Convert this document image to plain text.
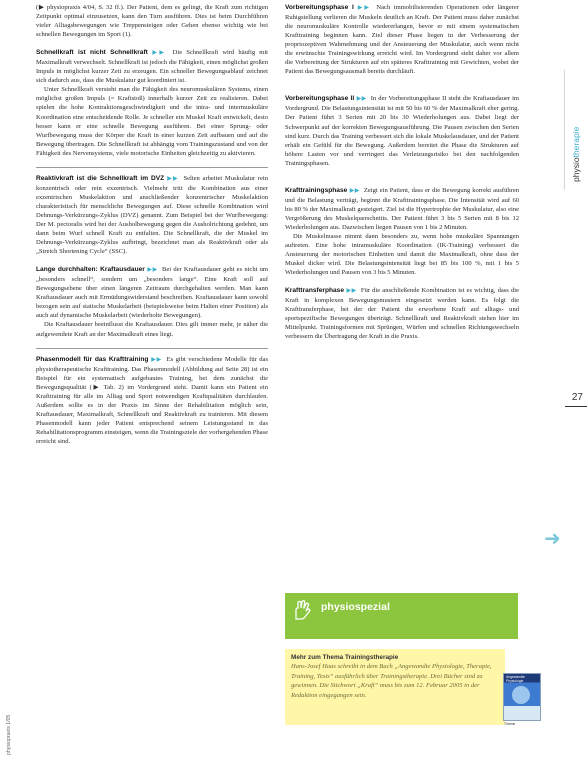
(▶ physiopraxis 4/04, S. 32 ff.). Der Patient, dem es gelingt, die Kraft zum richtigen Zeitpunkt optimal einzusetzen, kann den Turn ausführen. Dies ist beim Durchführen vieler Alltagsbewegungen wie Treppensteigen oder Gehen ebenso wichtig wie bei schnellen Bewegungen im Sport (1).
Schnellkraft ist nicht Schnellkraft ▶▶ Die Schnellkraft wird häufig mit Maximalkraft verwechselt. Schnellkraft ist jedoch die Fähigkeit, einen möglichst großen Impuls in möglichst kurzer Zeit zu erzeugen. Ein schneller Bewegungsablauf zeichnet sich dadurch aus, dass die Muskulatur gut koordiniert ist.
Unter Schnellkraft versteht man die Fähigkeit des neuromuskulären Systems, einen möglichst großen Impuls (= Kraftstoß) innerhalb kurzer Zeit zu realisieren. Dabei spielen die hohe Kontraktionsgeschwindigkeit und die intra- und intermuskuläre Koordination eine entscheidende Rolle. Je schneller ein Muskel Kraft entwickelt, desto besser kann er eine schnelle Bewegung ausführen. Bei einer Sprung- oder Wurfbewegung muss der Körper die Kraft in einer kurzen Zeit aufbauen und auf die Bewegung übertragen. Die Schnellkraft ist abhängig vom Trainingszustand und von der Fähigkeit des Nervensystems, viele motorische Einheiten gleichzeitig zu aktivieren.
Reaktivkraft ist die Schnellkraft im DVZ ▶▶ Selten arbeitet Muskulatur rein konzentrisch oder rein exzentrisch. Vielmehr tritt die Kombination aus einer exzentrischen Muskelaktion und anschließender konzentrischer Muskelaktion charakteristisch für menschliche Bewegungen auf. Diese schnelle Kombination wird Dehnungs-Verkürzungs-Zyklus (DVZ) genannt. Zum Beispiel bei der Wurfbewegung: Der M. pectoralis wird bei der Ausholbewegung gegen die Ausholrichtung gedehnt, um dann beim Wurf schnell Kraft zu entfalten. Die Schnellkraft, die der Muskel im Dehnungs-Verkürzungs-Zyklus aufbringt, bezeichnet man als Reaktivkraft oder als „Stretch Shortening Cycle“ (SSC).
Lange durchhalten: Kraftausdauer ▶▶ Bei der Kraftausdauer geht es nicht um „besonders schnell“, sondern um „besonders lange“. Eine Kraft soll auf Bewegungsebene über einen längeren Zeitraum durchgehalten werden. Man kann Kraftausdauer auch mit Ermüdungswiderstand beschreiben. Kraftausdauer kann sowohl bezogen sein auf statische Muskelarbeit (beispielsweise beim Halten einer Position) als auch auf dynamische Muskelarbeit (wiederholte Bewegungen).
Die Kraftausdauer beeinflusst die Kraftausdauer. Dies gilt immer mehr, je näher die aufgewendete Kraft an der Maximalkraft eines liegt.
Phasenmodell für das Krafttraining ▶▶ Es gibt verschiedene Modelle für das physiotherapeutische Krafttraining. Das Phasenmodell (Abbildung auf Seite 28) ist ein Beispiel für ein systematisch aufgebautes Training, bei dem zunächst die Bewegungsqualität (▶ Tab. 2) im Vordergrund steht. Damit kann ein Patient ein Krafttraining für alle im Alltag und Sport notwendigen Kraftqualitäten durchlaufen. Außerdem sollte es in der Praxis im Sinne der Rehabilitation möglich sein, Kraftausdauer, Maximalkraft, Schnellkraft und Reaktivkraft zu trainieren. Mit diesem Phasenmodell kann jeder Patient entsprechend seinem Leistungsstand in das Rehabilitationsprogramm einsteigen, wenn die Trainingsziele der vorhergehenden Phase erreicht sind.
Vorbereitungsphase I ▶▶ Nach immobilisierenden Operationen oder längerer Ruhigstellung verlieren die Muskeln deutlich an Kraft. Der Patient muss daher zunächst die neuromuskuläre Kontrolle wiedererlangen, bevor er mit einem systematischen Krafttraining beginnen kann. Ziel dieser Phase liegen in der Verbesserung der propriozeptiven Wahrnehmung und der Ansteuerung der Muskulatur, auch wenn nicht die erwünschte Trainingswirkung erreicht wird. Im Vordergrund steht daher vor allem die Vorbereitung der Strukturen auf ein späteres Krafttraining mit Gewichten, wobei der Patient das Bewegungsausmaß bereits durchläuft.
Vorbereitungsphase II ▶▶ In der Vorbereitungsphase II steht die Kraftausdauer im Vordergrund. Die Belastungsintensität ist mit 50 bis 60 % der Maximalkraft eher gering. Der Patient führt 3 Serien mit 20 bis 30 Wiederholungen aus. Dabei liegt der Schwerpunkt auf der korrekten Bewegungsausführung. Die Pausen zwischen den Serien sind kurz. Durch das Training verbessert sich die lokale Muskelausdauer, und der Patient erhält ein Gefühl für die Bewegung. Außerdem bereitet die Phase die Strukturen auf höhere Lasten vor und verringert das Verletzungsrisiko bei den nachfolgenden Trainingsphasen.
Krafttrainingsphase ▶▶ Zeigt ein Patient, dass er die Bewegung korrekt ausführen und die Belastung verträgt, beginnt die Krafttrainingsphase. Die Intensität wird auf 60 bis 80 % der Maximalkraft gesteigert. Ziel ist die Hypertrophie der Muskulatur, also eine Vergrößerung des Muskelquerschnitts. Der Patient führt 3 bis 5 Serien mit 8 bis 12 Wiederholungen aus. Dazwischen liegen Pausen von 1 bis 2 Minuten.
Die Muskelmasse nimmt dann besonders zu, wenn hohe muskuläre Spannungen auftreten. Eine hohe intramuskuläre Koordination (IK-Training) verbessert die Ansteuerung der motorischen Einheiten und damit die Maximalkraft, ohne dass der Muskel dicker wird. Die Belastungsintensität liegt bei 85 bis 100 %, mit 1 bis 5 Wiederholungen und Pausen von 3 bis 5 Minuten.
Krafttransferphase ▶▶ Für die anschließende Kombination ist es wichtig, dass die Kraft in komplexen Bewegungsmustern eingesetzt werden kann. Es folgt die Krafttransferphase, bei der der Patient die erworbene Kraft auf alltags- und sportspezifische Bewegungen überträgt. Schnellkraft und Reaktivkraft stehen hier im Mittelpunkt. Trainingsformen mit Sprüngen, Würfen und schnellen Richtungswechseln verbessern die Übertragung der Kraft in die Praxis.
physiotherapie
27
➜
physiopraxis 1/05
physiospezial
Mehr zum Thema Trainingstherapie
Hans-Josef Haas schreibt in dem Buch „Angewandte Physiologie, Therapie, Training, Tests“ ausführlich über Trainingstherapie. Drei Bücher sind zu gewinnen. Die Stichwort „Kraft“ muss bis zum 12. Februar 2005 in der Redaktion eingegangen sein.
Angewandte Physiologie
Thieme
